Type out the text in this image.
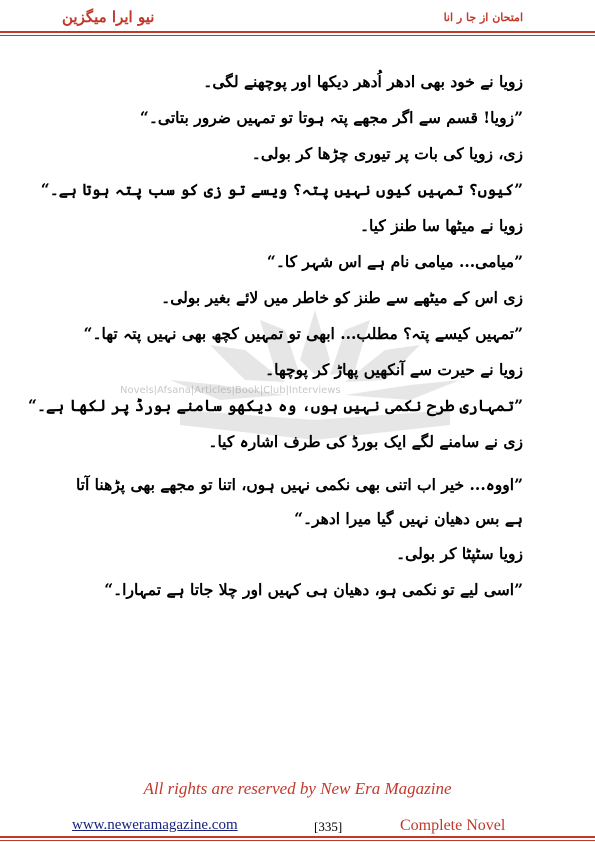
نیو ایرا میگزین	امتحان از جا ر انا
Novels|Afsana|Articles|Book|Club|Interviews

زویا نے خود بھی ادھر اُدھر دیکھا اور پوچھنے لگی۔

”زویا! قسم سے اگر مجھے پتہ ہوتا تو تمہیں ضرور بتاتی۔“

زی، زویا کی بات پر تیوری چڑھا کر بولی۔

”کیوں؟ تمہیں کیوں نہیں پتہ؟ ویسے تو زی کو سب پتہ ہوتا ہے۔“

زویا نے میٹھا سا طنز کیا۔

”میامی... میامی نام ہے اس شہر کا۔“

زی اس کے میٹھے سے طنز کو خاطر میں لائے بغیر بولی۔

”تمہیں کیسے پتہ؟ مطلب... ابھی تو تمہیں کچھ بھی نہیں پتہ تھا۔“

زویا نے حیرت سے آنکھیں پھاڑ کر پوچھا۔

”تمہاری طرح نکمی نہیں ہوں، وہ دیکھو سامنے بورڈ پر لکھا ہے۔“

زی نے سامنے لگے ایک بورڈ کی طرف اشارہ کیا۔

”اووہ... خیر اب اتنی بھی نکمی نہیں ہوں، اتنا تو مجھے بھی پڑھنا آتا ہے بس دھیان نہیں گیا میرا ادھر۔“

زویا سٹپٹا کر بولی۔

”اسی لیے تو نکمی ہو، دھیان ہی کہیں اور چلا جاتا ہے تمہارا۔“

All rights are reserved by New Era Magazine
www.neweramagazine.com	[335]	Complete Novel
